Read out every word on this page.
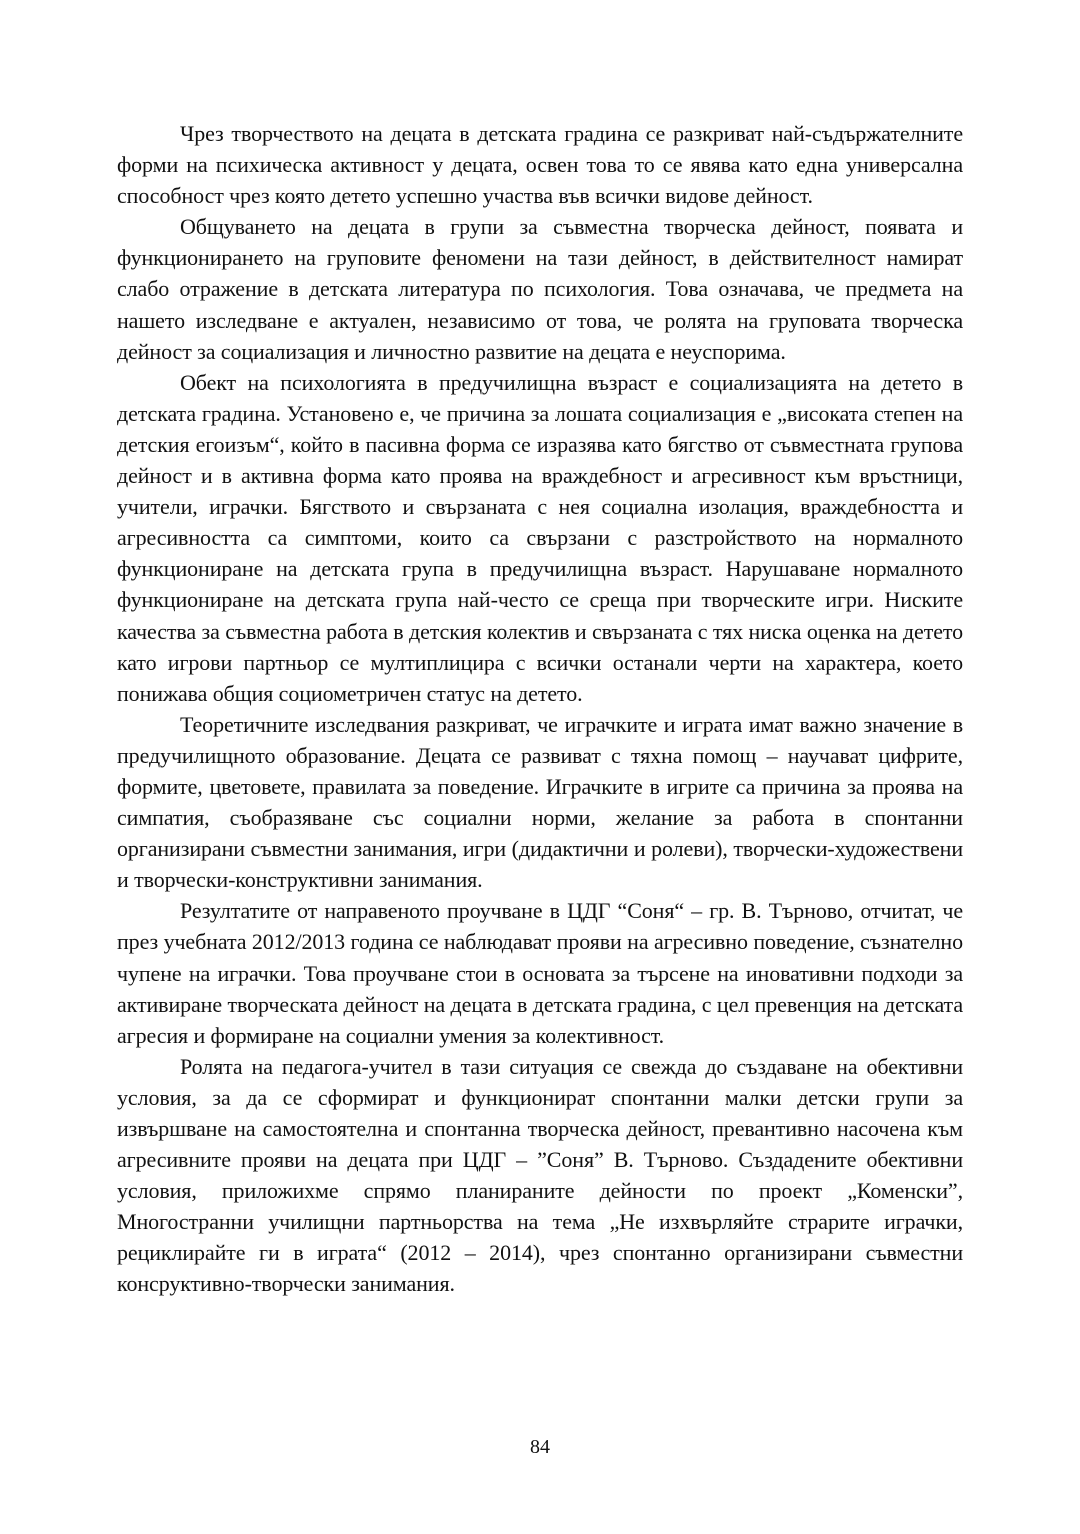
Чрез творчеството на децата в детската градина се разкриват най-съдържателните форми на психическа активност у децата, освен това то се явява като една универсална способност чрез която детето успешно участва във всички видове дейност.

Общуването на децата в групи за съвместна творческа дейност, появата и функционирането на груповите феномени на тази дейност, в действителност намират слабо отражение в детската литература по психология. Това означава, че предмета на нашето изследване е актуален, независимо от това, че ролята на груповата творческа дейност за социализация и личностно развитие на децата е неуспорима.

Обект на психологията в предучилищна възраст е социализацията на детето в детската градина. Установено е, че причина за лошата социализация е „високата степен на детския егоизъм“, който в пасивна форма се изразява като бягство от съвместната групова дейност и в активна форма като проява на враждебност и агресивност към връстници, учители, играчки. Бягството и свързаната с нея социална изолация, враждебността и агресивността са симптоми, които са свързани с разстройството на нормалното функциониране на детската група в предучилищна възраст. Нарушаване нормалното функциониране на детската група най-често се среща при творческите игри. Ниските качества за съвместна работа в детския колектив и свързаната с тях ниска оценка на детето като игрови партньор се мултиплицира с всички останали черти на характера, което понижава общия социометричен статус на детето.

Теоретичните изследвания разкриват, че играчките и играта имат важно значение в предучилищното образование. Децата се развиват с тяхна помощ – научават цифрите, формите, цветовете, правилата за поведение. Играчките в игрите са причина за проява на симпатия, съобразяване със социални норми, желание за работа в спонтанни организирани съвместни занимания, игри (дидактични и ролеви), творчески-художествени и творчески-конструктивни занимания.

Резултатите от направеното проучване в ЦДГ “Соня“ – гр. В. Търново, отчитат, че през учебната 2012/2013 година се наблюдават прояви на агресивно поведение, съзнателно чупене на играчки. Това проучване стои в основата за търсене на иновативни подходи за активиране творческата дейност на децата в детската градина, с цел превенция на детската агресия и формиране на социални умения за колективност.

Ролята на педагога-учител в тази ситуация се свежда до създаване на обективни условия, за да се сформират и функционират спонтанни малки детски групи за извършване на самостоятелна и спонтанна творческа дейност, превантивно насочена към агресивните прояви на децата при ЦДГ – ”Соня” В. Търново. Създадените обективни условия, приложихме спрямо планираните дейности по проект „Коменски”, Многостранни училищни партньорства на тема „Не изхвърляйте страрите играчки, рециклирайте ги в играта“ (2012 – 2014), чрез спонтанно организирани съвместни консруктивно-творчески занимания.

84
